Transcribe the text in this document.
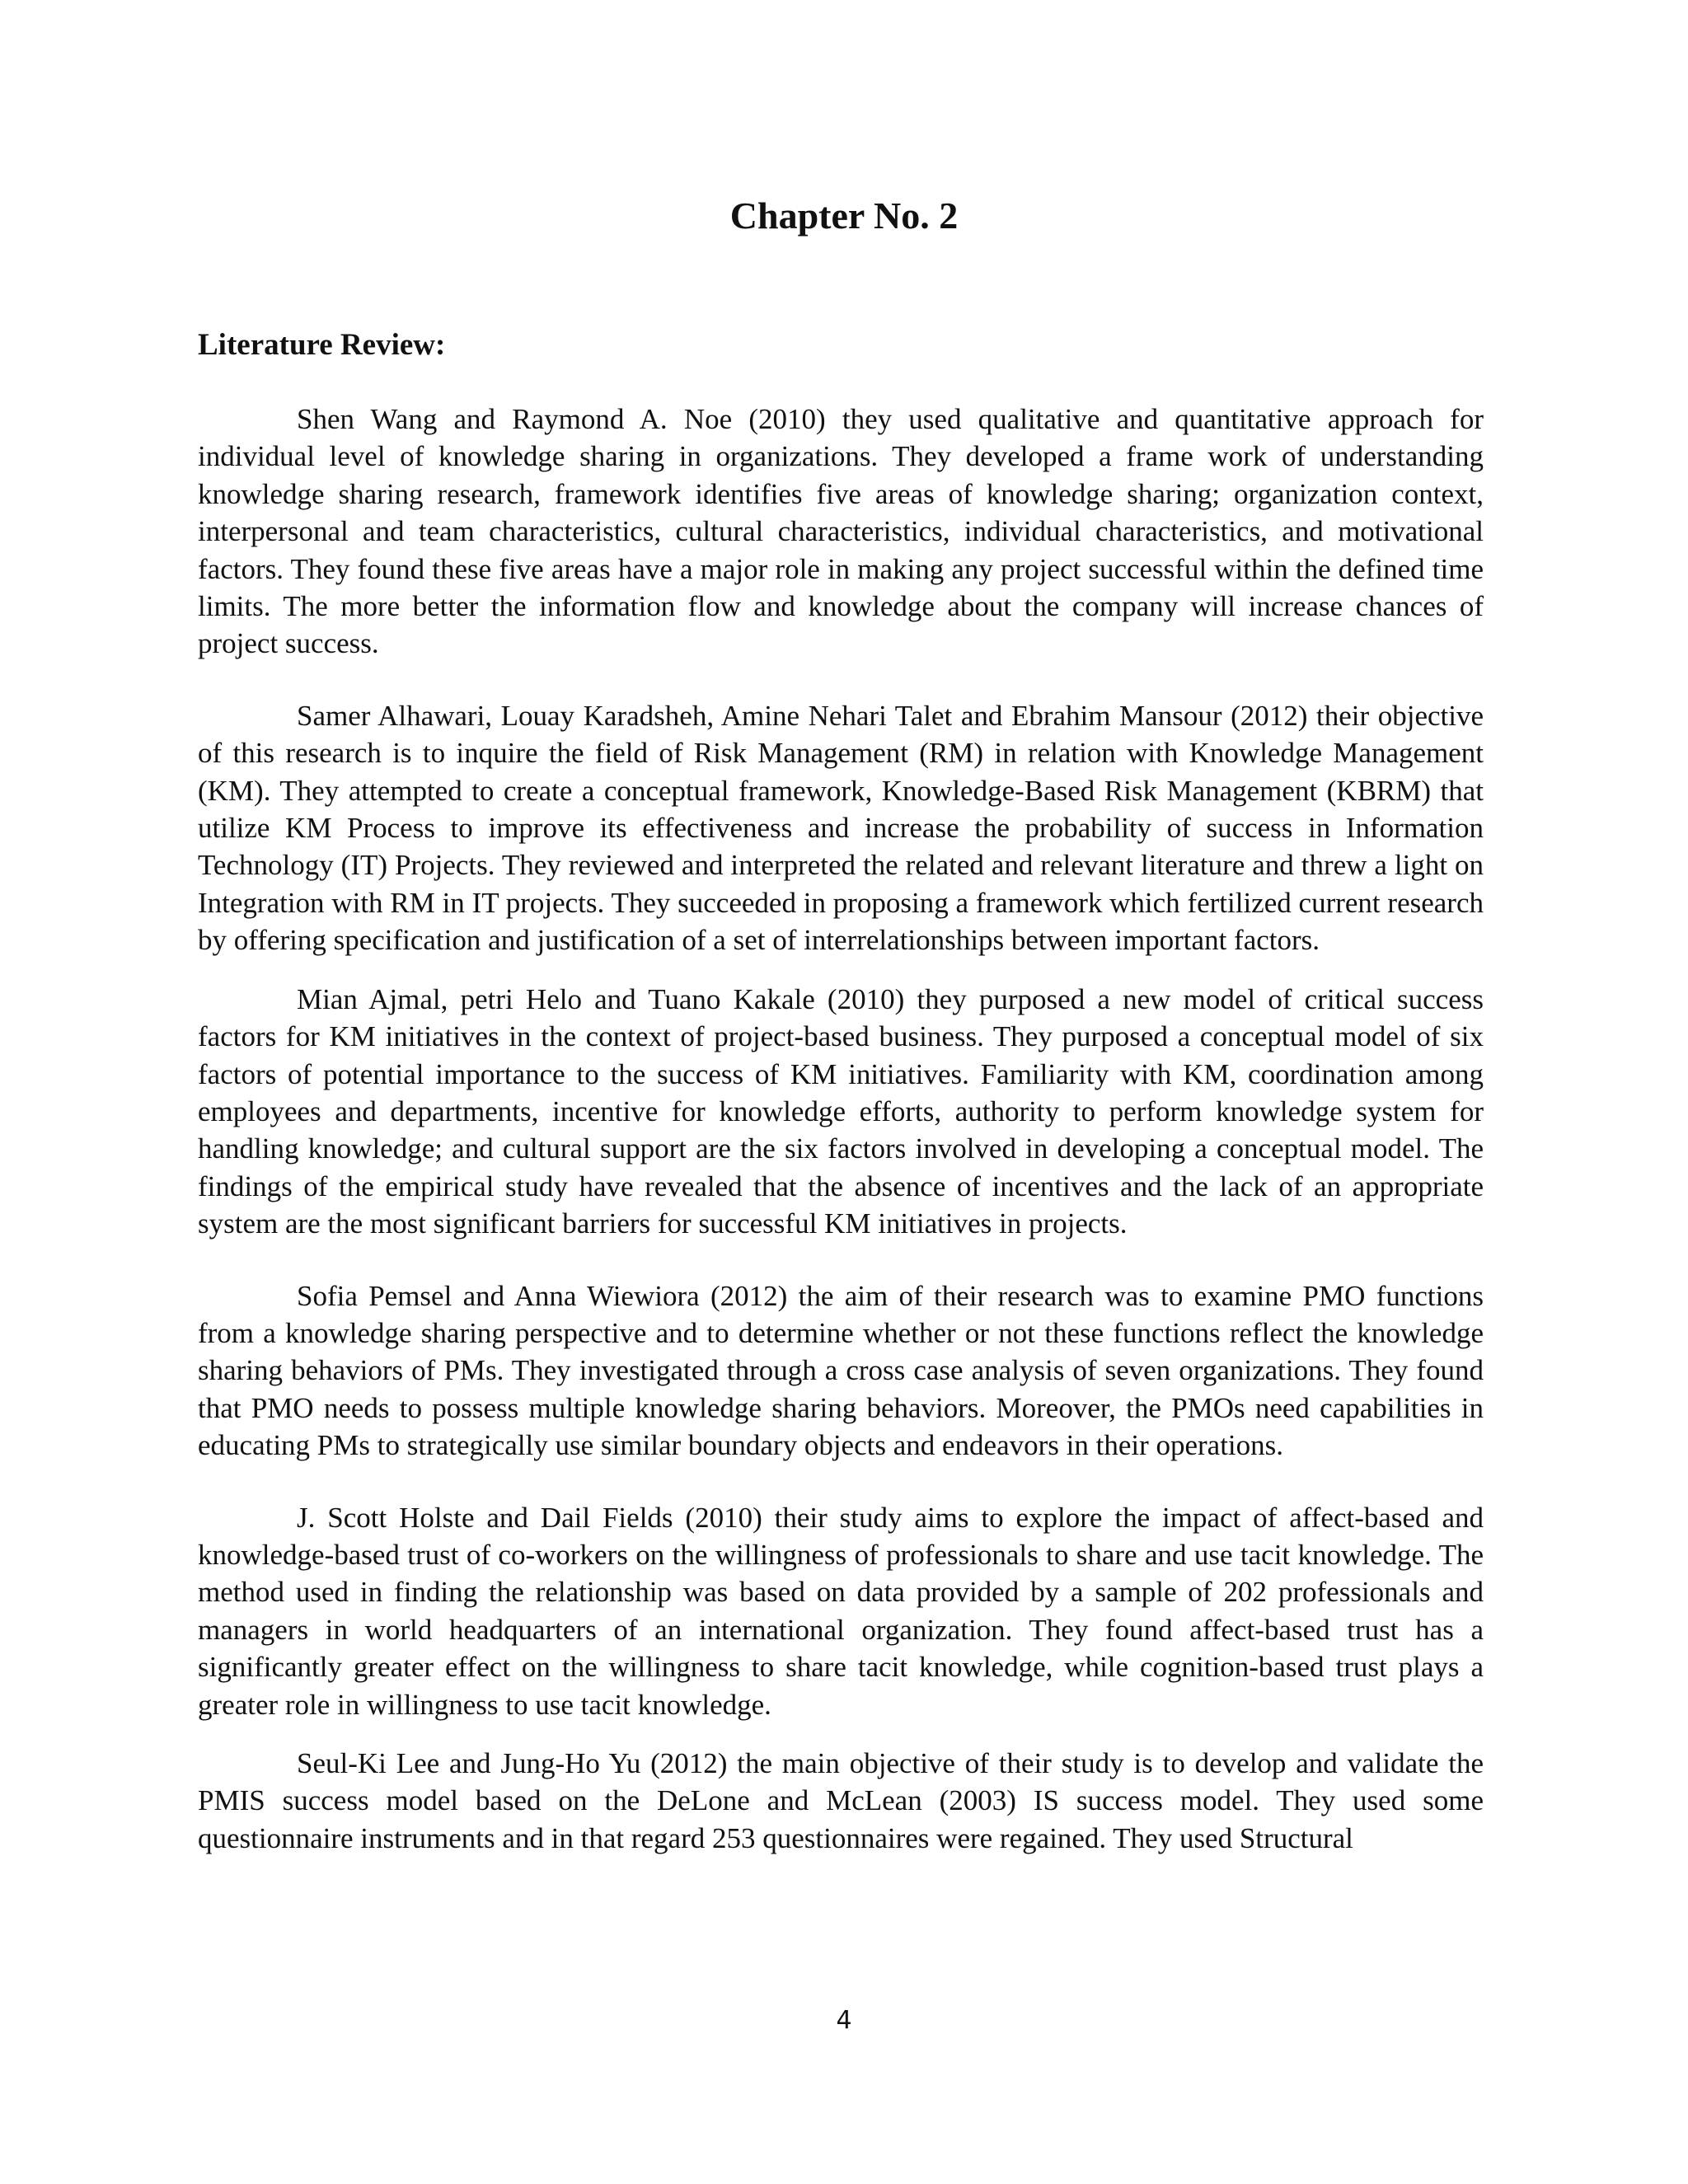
Chapter No. 2
Literature Review:

Shen Wang and Raymond A. Noe (2010) they used qualitative and quantitative approach for individual level of knowledge sharing in organizations. They developed a frame work of understanding knowledge sharing research, framework identifies five areas of knowledge sharing; organization context, interpersonal and team characteristics, cultural characteristics, individual characteristics, and motivational factors. They found these five areas have a major role in making any project successful within the defined time limits. The more better the information flow and knowledge about the company will increase chances of project success.

Samer Alhawari, Louay Karadsheh, Amine Nehari Talet and Ebrahim Mansour (2012) their objective of this research is to inquire the field of Risk Management (RM) in relation with Knowledge Management (KM). They attempted to create a conceptual framework, Knowledge-Based Risk Management (KBRM) that utilize KM Process to improve its effectiveness and increase the probability of success in Information Technology (IT) Projects. They reviewed and interpreted the related and relevant literature and threw a light on Integration with RM in IT projects. They succeeded in proposing a framework which fertilized current research by offering specification and justification of a set of interrelationships between important factors.

Mian Ajmal, petri Helo and Tuano Kakale (2010) they purposed a new model of critical success factors for KM initiatives in the context of project-based business. They purposed a conceptual model of six factors of potential importance to the success of KM initiatives. Familiarity with KM, coordination among employees and departments, incentive for knowledge efforts, authority to perform knowledge system for handling knowledge; and cultural support are the six factors involved in developing a conceptual model. The findings of the empirical study have revealed that the absence of incentives and the lack of an appropriate system are the most significant barriers for successful KM initiatives in projects.

Sofia Pemsel and Anna Wiewiora (2012) the aim of their research was to examine PMO functions from a knowledge sharing perspective and to determine whether or not these functions reflect the knowledge sharing behaviors of PMs. They investigated through a cross case analysis of seven organizations. They found that PMO needs to possess multiple knowledge sharing behaviors. Moreover, the PMOs need capabilities in educating PMs to strategically use similar boundary objects and endeavors in their operations.

J. Scott Holste and Dail Fields (2010) their study aims to explore the impact of affect-based and knowledge-based trust of co-workers on the willingness of professionals to share and use tacit knowledge. The method used in finding the relationship was based on data provided by a sample of 202 professionals and managers in world headquarters of an international organization. They found affect-based trust has a significantly greater effect on the willingness to share tacit knowledge, while cognition-based trust plays a greater role in willingness to use tacit knowledge.

Seul-Ki Lee and Jung-Ho Yu (2012) the main objective of their study is to develop and validate the PMIS success model based on the DeLone and McLean (2003) IS success model. They used some questionnaire instruments and in that regard 253 questionnaires were regained. They used Structural

4
